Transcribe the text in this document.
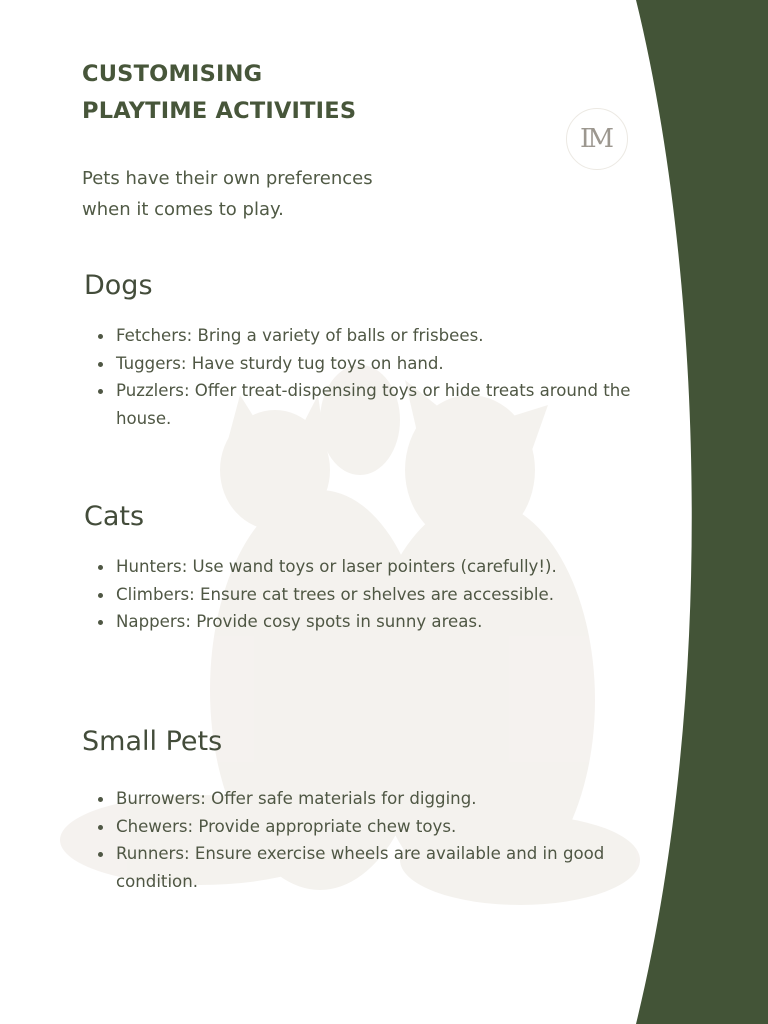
IM
CUSTOMISING
PLAYTIME ACTIVITIES

Pets have their own preferences
when it comes to play.

Dogs
Fetchers: Bring a variety of balls or frisbees.
Tuggers: Have sturdy tug toys on hand.
Puzzlers: Offer treat-dispensing toys or hide treats around the house.
Cats
Hunters: Use wand toys or laser pointers (carefully!).
Climbers: Ensure cat trees or shelves are accessible.
Nappers: Provide cosy spots in sunny areas.
Small Pets
Burrowers: Offer safe materials for digging.
Chewers: Provide appropriate chew toys.
Runners: Ensure exercise wheels are available and in good condition.
